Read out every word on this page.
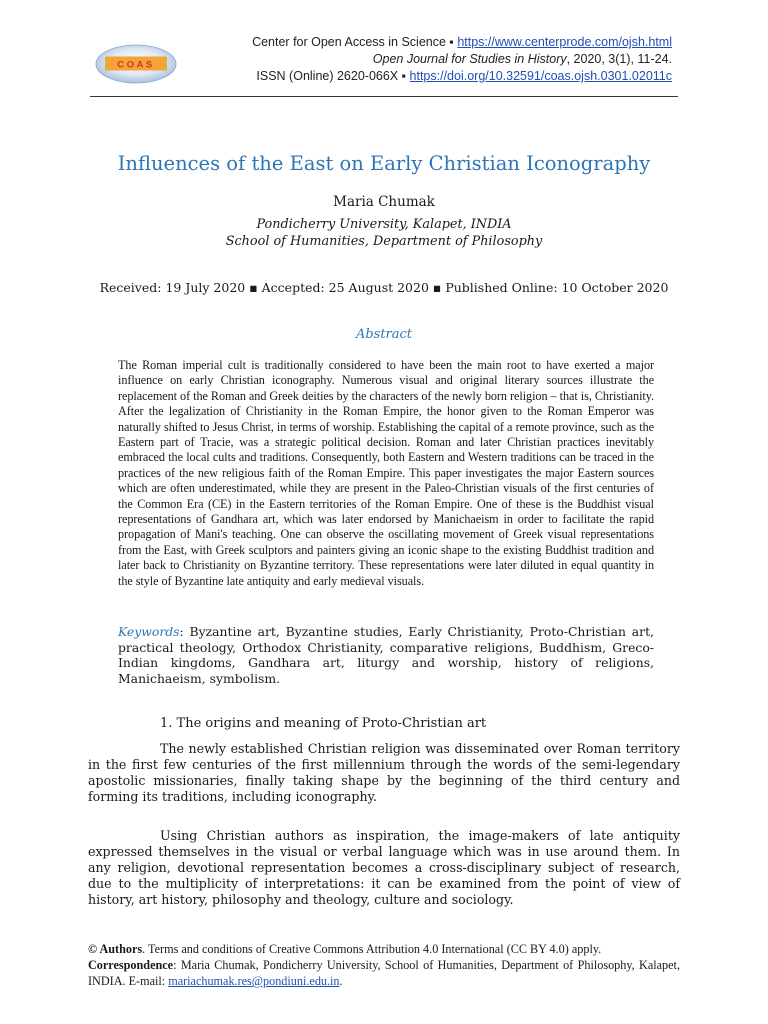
COAS
Center for Open Access in Science ▪ https://www.centerprode.com/ojsh.html
Open Journal for Studies in History, 2020, 3(1), 11-24.
ISSN (Online) 2620-066X ▪ https://doi.org/10.32591/coas.ojsh.0301.02011c
Influences of the East on Early Christian Iconography
Maria Chumak
Pondicherry University, Kalapet, INDIA
School of Humanities, Department of Philosophy
Received: 19 July 2020 ▪ Accepted: 25 August 2020 ▪ Published Online: 10 October 2020
Abstract
The Roman imperial cult is traditionally considered to have been the main root to have exerted a major influence on early Christian iconography. Numerous visual and original literary sources illustrate the replacement of the Roman and Greek deities by the characters of the newly born religion – that is, Christianity. After the legalization of Christianity in the Roman Empire, the honor given to the Roman Emperor was naturally shifted to Jesus Christ, in terms of worship. Establishing the capital of a remote province, such as the Eastern part of Tracie, was a strategic political decision. Roman and later Christian practices inevitably embraced the local cults and traditions. Consequently, both Eastern and Western traditions can be traced in the practices of the new religious faith of the Roman Empire. This paper investigates the major Eastern sources which are often underestimated, while they are present in the Paleo-Christian visuals of the first centuries of the Common Era (CE) in the Eastern territories of the Roman Empire. One of these is the Buddhist visual representations of Gandhara art, which was later endorsed by Manichaeism in order to facilitate the rapid propagation of Mani's teaching. One can observe the oscillating movement of Greek visual representations from the East, with Greek sculptors and painters giving an iconic shape to the existing Buddhist tradition and later back to Christianity on Byzantine territory. These representations were later diluted in equal quantity in the style of Byzantine late antiquity and early medieval visuals.
Keywords: Byzantine art, Byzantine studies, Early Christianity, Proto-Christian art, practical theology, Orthodox Christianity, comparative religions, Buddhism, Greco-Indian kingdoms, Gandhara art, liturgy and worship, history of religions, Manichaeism, symbolism.
1. The origins and meaning of Proto-Christian art
The newly established Christian religion was disseminated over Roman territory in the first few centuries of the first millennium through the words of the semi-legendary apostolic missionaries, finally taking shape by the beginning of the third century and forming its traditions, including iconography.
Using Christian authors as inspiration, the image-makers of late antiquity expressed themselves in the visual or verbal language which was in use around them. In any religion, devotional representation becomes a cross-disciplinary subject of research, due to the multiplicity of interpretations: it can be examined from the point of view of history, art history, philosophy and theology, culture and sociology.
© Authors. Terms and conditions of Creative Commons Attribution 4.0 International (CC BY 4.0) apply.
Correspondence: Maria Chumak, Pondicherry University, School of Humanities, Department of Philosophy, Kalapet, INDIA. E-mail: mariachumak.res@pondiuni.edu.in.
